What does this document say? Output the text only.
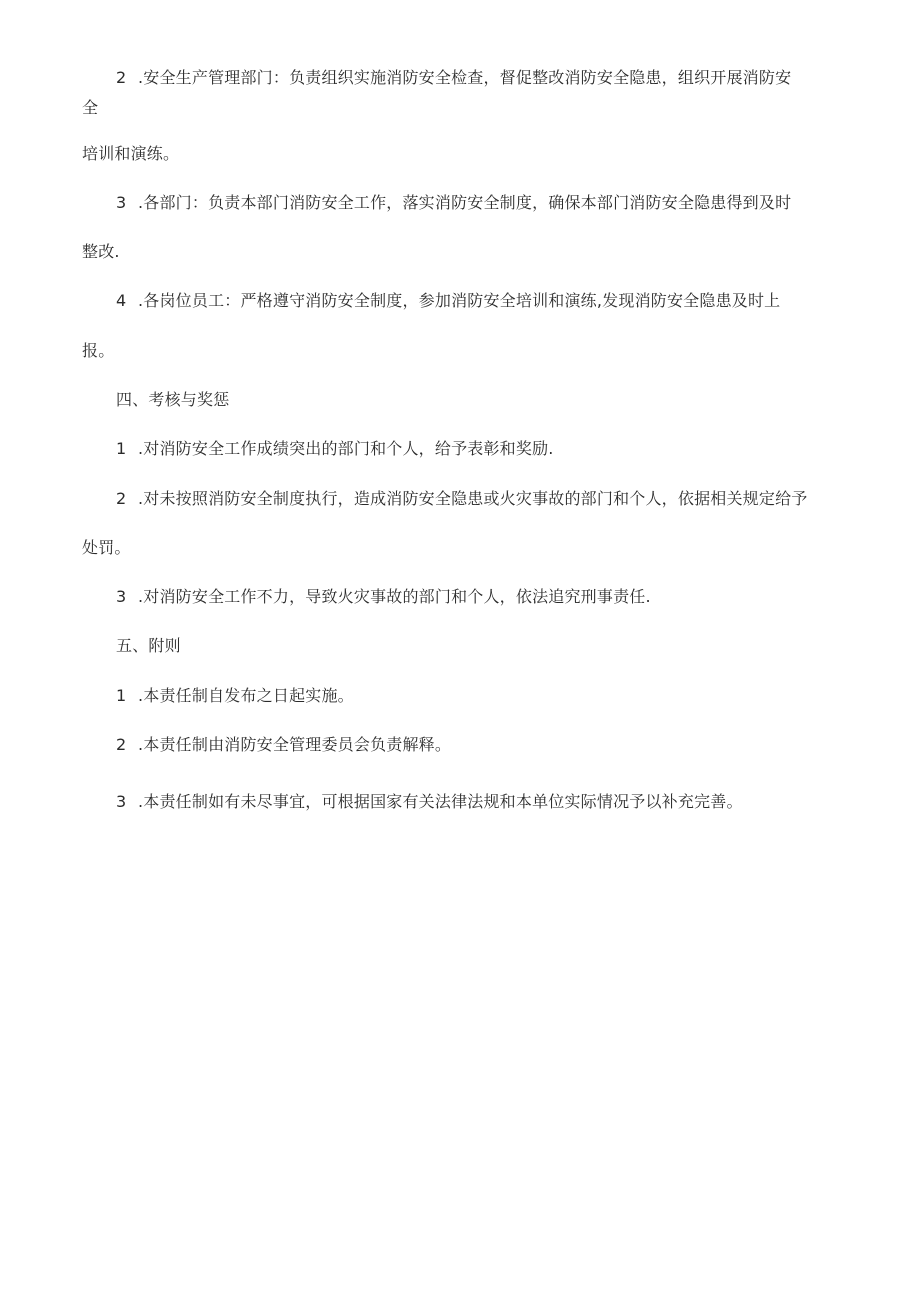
2 .安全生产管理部门：负责组织实施消防安全检查，督促整改消防安全隐患，组织开展消防安
全
培训和演练。
3 .各部门：负责本部门消防安全工作，落实消防安全制度，确保本部门消防安全隐患得到及时
整改.
4 .各岗位员工：严格遵守消防安全制度，参加消防安全培训和演练,发现消防安全隐患及时上
报。
四、考核与奖惩
1 .对消防安全工作成绩突出的部门和个人，给予表彰和奖励.
2 .对未按照消防安全制度执行，造成消防安全隐患或火灾事故的部门和个人，依据相关规定给予
处罚。
3 .对消防安全工作不力，导致火灾事故的部门和个人，依法追究刑事责任.
五、附则
1 .本责任制自发布之日起实施。
2 .本责任制由消防安全管理委员会负责解释。
3 .本责任制如有未尽事宜，可根据国家有关法律法规和本单位实际情况予以补充完善。
